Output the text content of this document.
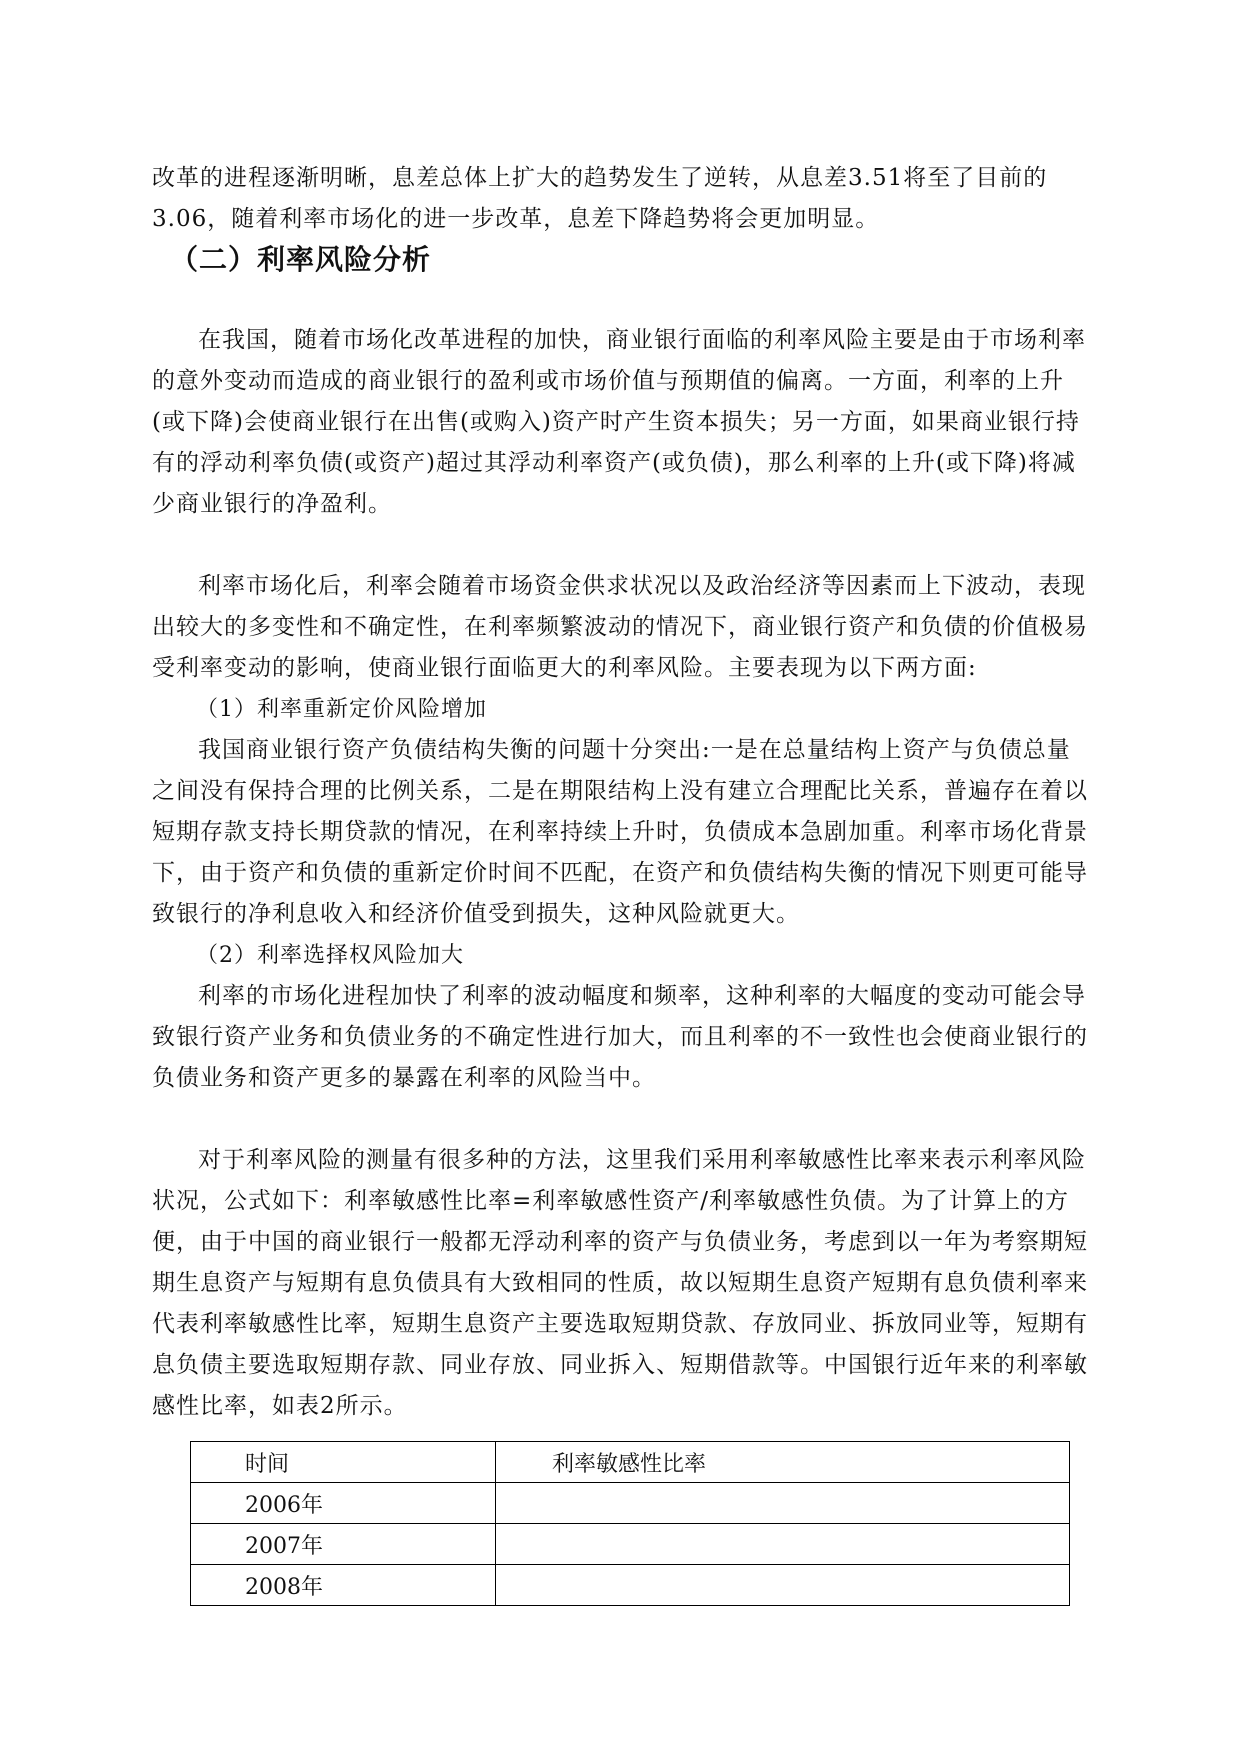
改革的进程逐渐明晰，息差总体上扩大的趋势发生了逆转，从息差3.51将至了目前的3.06，随着利率市场化的进一步改革，息差下降趋势将会更加明显。

（二）利率风险分析

在我国，随着市场化改革进程的加快，商业银行面临的利率风险主要是由于市场利率的意外变动而造成的商业银行的盈利或市场价值与预期值的偏离。一方面，利率的上升(或下降)会使商业银行在出售(或购入)资产时产生资本损失；另一方面，如果商业银行持有的浮动利率负债(或资产)超过其浮动利率资产(或负债)，那么利率的上升(或下降)将减少商业银行的净盈利。

利率市场化后，利率会随着市场资金供求状况以及政治经济等因素而上下波动，表现出较大的多变性和不确定性，在利率频繁波动的情况下，商业银行资产和负债的价值极易受利率变动的影响，使商业银行面临更大的利率风险。主要表现为以下两方面:

（1）利率重新定价风险增加

我国商业银行资产负债结构失衡的问题十分突出:一是在总量结构上资产与负债总量之间没有保持合理的比例关系，二是在期限结构上没有建立合理配比关系，普遍存在着以短期存款支持长期贷款的情况，在利率持续上升时，负债成本急剧加重。利率市场化背景下，由于资产和负债的重新定价时间不匹配，在资产和负债结构失衡的情况下则更可能导致银行的净利息收入和经济价值受到损失，这种风险就更大。

（2）利率选择权风险加大

利率的市场化进程加快了利率的波动幅度和频率，这种利率的大幅度的变动可能会导致银行资产业务和负债业务的不确定性进行加大，而且利率的不一致性也会使商业银行的负债业务和资产更多的暴露在利率的风险当中。

对于利率风险的测量有很多种的方法，这里我们采用利率敏感性比率来表示利率风险状况，公式如下：利率敏感性比率=利率敏感性资产/利率敏感性负债。为了计算上的方便，由于中国的商业银行一般都无浮动利率的资产与负债业务，考虑到以一年为考察期短期生息资产与短期有息负债具有大致相同的性质，故以短期生息资产短期有息负债利率来代表利率敏感性比率，短期生息资产主要选取短期贷款、存放同业、拆放同业等，短期有息负债主要选取短期存款、同业存放、同业拆入、短期借款等。中国银行近年来的利率敏感性比率，如表2所示。

时间	利率敏感性比率
2006年	
2007年	
2008年	
